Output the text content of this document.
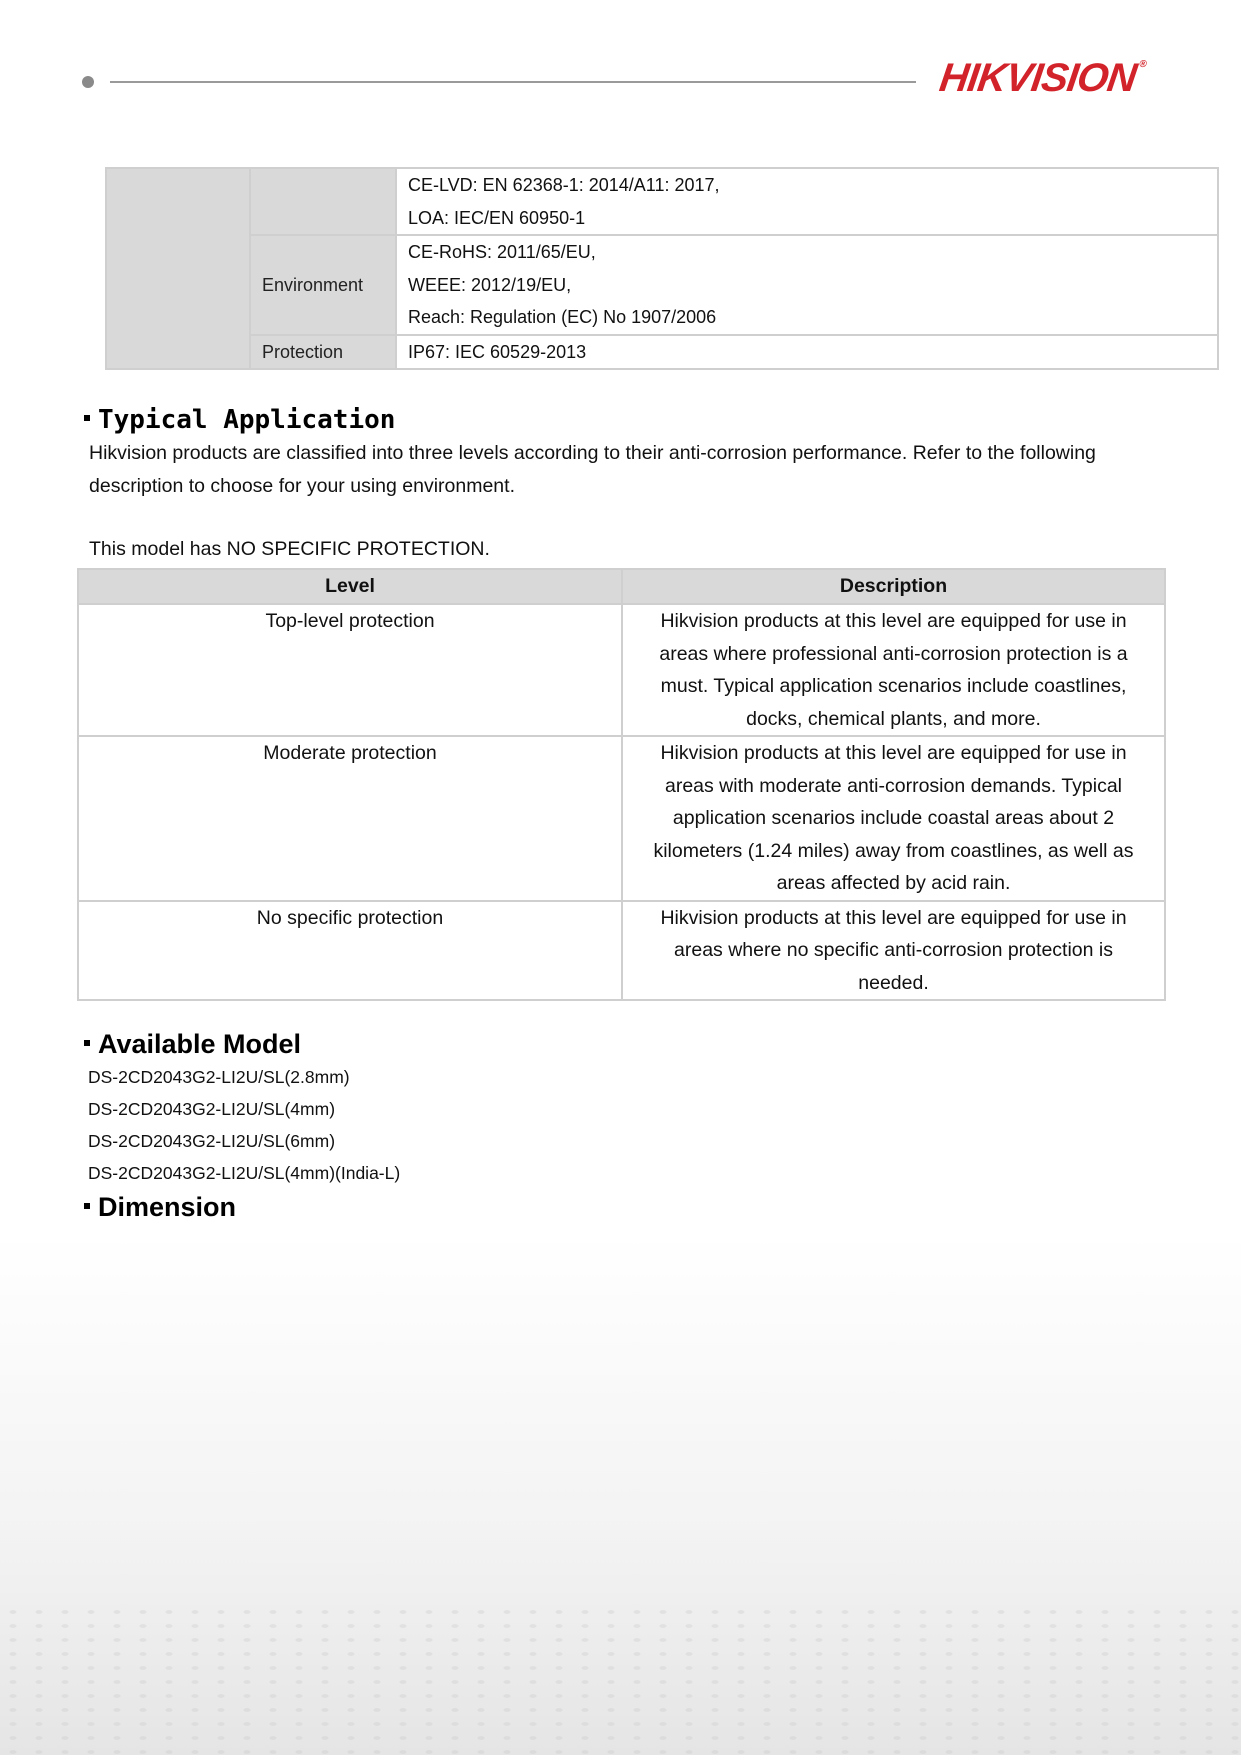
HIKVISION®

		CE-LVD: EN 62368-1: 2014/A11: 2017,
LOA: IEC/EN 60950-1

	Environment	CE-RoHS: 2011/65/EU,
WEEE: 2012/19/EU,
Reach: Regulation (EC) No 1907/2006

	Protection	IP67: IEC 60529-2013
Typical Application
Hikvision products are classified into three levels according to their anti-corrosion performance. Refer to the following description to choose for your using environment.
This model has NO SPECIFIC PROTECTION.
Level	Description
Top-level protection	Hikvision products at this level are equipped for use in areas where professional anti-corrosion protection is a must. Typical application scenarios include coastlines, docks, chemical plants, and more.
Moderate protection	Hikvision products at this level are equipped for use in areas with moderate anti-corrosion demands. Typical application scenarios include coastal areas about 2 kilometers (1.24 miles) away from coastlines, as well as areas affected by acid rain.
No specific protection	Hikvision products at this level are equipped for use in areas where no specific anti-corrosion protection is needed.
Available Model
DS-2CD2043G2-LI2U/SL(2.8mm)
DS-2CD2043G2-LI2U/SL(4mm)
DS-2CD2043G2-LI2U/SL(6mm)
DS-2CD2043G2-LI2U/SL(4mm)(India-L)
Dimension
